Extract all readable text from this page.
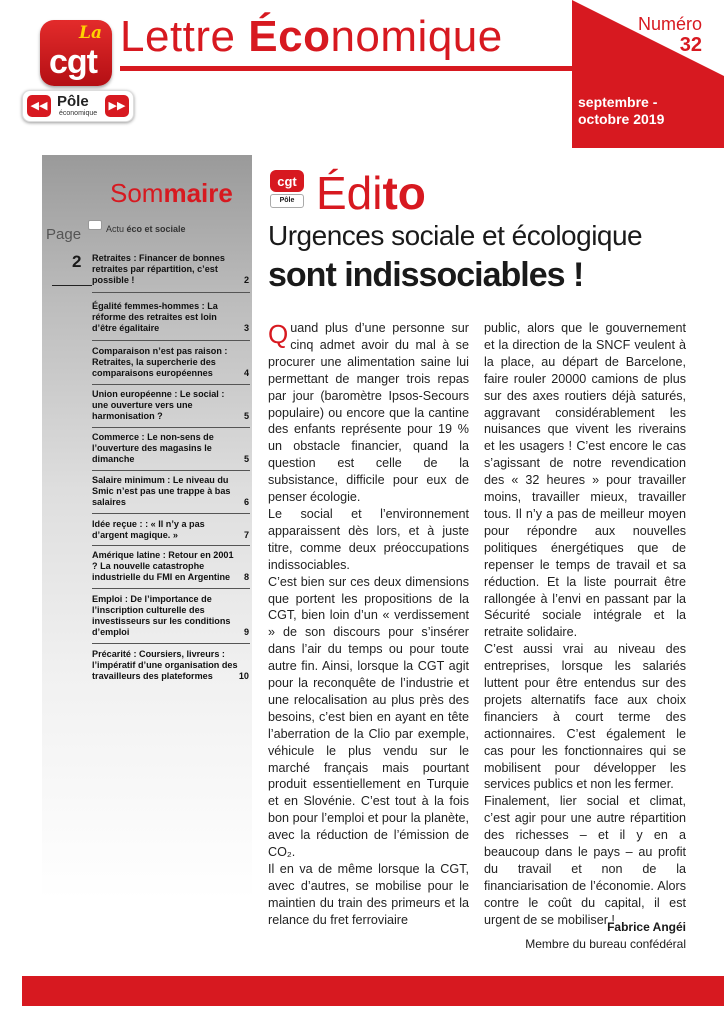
La
cgt
Lettre Économique	Numéro
32
septembre - octobre 2019
◀◀ Pôle
économique
▶▶
Sommaire
Page	Actu éco et sociale
2 Retraites : Financer de bonnes retraites par répartition, c’est possible !	2
Égalité femmes-hommes : La réforme des retraites est loin d’être égalitaire	3
Comparaison n’est pas raison : Retraites, la supercherie des comparaisons européennes	4
Union européenne : Le social : une ouverture vers une harmonisation ?	5
Commerce : Le non-sens de l’ouverture des magasins le dimanche	5
Salaire minimum : Le niveau du Smic n’est pas une trappe à bas salaires	6
Idée reçue : : « Il n’y a pas d’argent magique. »	7
Amérique latine : Retour en 2001 ? La nouvelle catastrophe industrielle du FMI en Argentine	8
Emploi : De l’importance de l’inscription culturelle des investisseurs sur les conditions d’emploi	9
Précarité : Coursiers, livreurs : l’impératif d’une organisation des travailleurs des plateformes	10
cgt
Pôle Édito
Urgences sociale et écologique
sont indissociables !

Quand plus d’une personne sur cinq admet avoir du mal à se procurer une alimentation saine lui permettant de manger trois repas par jour (baromètre Ipsos-Secours populaire) ou encore que la cantine des enfants représente pour 19 % un obstacle financier, quand la question est celle de la subsistance, difficile pour eux de penser écologie.

Le social et l’environnement apparaissent dès lors, et à juste titre, comme deux préoccupations indissociables.

C’est bien sur ces deux dimensions que portent les propositions de la CGT, bien loin d’un « verdissement » de son discours pour s’insérer dans l’air du temps ou pour toute autre fin. Ainsi, lorsque la CGT agit pour la reconquête de l’industrie et une relocalisation au plus près des besoins, c’est bien en ayant en tête l’aberration de la Clio par exemple, véhicule le plus vendu sur le marché français mais pourtant produit essentiellement en Turquie et en Slovénie. C’est tout à la fois bon pour l’emploi et pour la planète, avec la réduction de l’émission de CO₂.

Il en va de même lorsque la CGT, avec d’autres, se mobilise pour le maintien du train des primeurs et la relance du fret ferroviaire

public, alors que le gouvernement et la direction de la SNCF veulent à la place, au départ de Barcelone, faire rouler 20000 camions de plus sur des axes routiers déjà saturés, aggravant considérablement les nuisances que vivent les riverains et les usagers ! C’est encore le cas s’agissant de notre revendication des « 32 heures » pour travailler moins, travailler mieux, travailler tous. Il n’y a pas de meilleur moyen pour répondre aux nouvelles politiques énergétiques que de repenser le temps de travail et sa réduction. Et la liste pourrait être rallongée à l’envi en passant par la Sécurité sociale intégrale et la retraite solidaire.

C’est aussi vrai au niveau des entreprises, lorsque les salariés luttent pour être entendus sur des projets alternatifs face aux choix financiers à court terme des actionnaires. C’est également le cas pour les fonctionnaires qui se mobilisent pour développer les services publics et non les fermer.

Finalement, lier social et climat, c’est agir pour une autre répartition des richesses – et il y en a beaucoup dans le pays – au profit du travail et non de la financiarisation de l’économie. Alors contre le coût du capital, il est urgent de se mobiliser !

Fabrice Angéi
Membre du bureau confédéral
